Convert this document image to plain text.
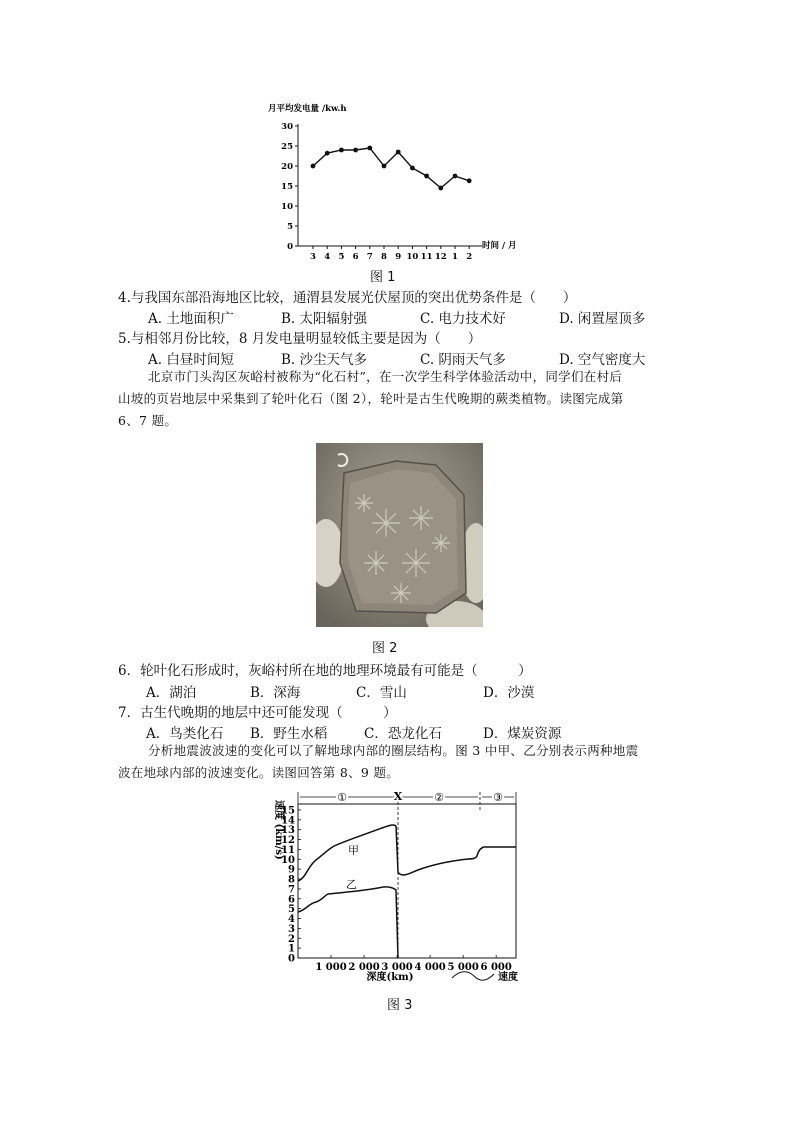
月平均发电量 /kw.h
0
5
10
15
20
25
30
3 4 5 6 7 8 9 10 11 12 1 2
时间 / 月
图 1
4.与我国东部沿海地区比较，通渭县发展光伏屋顶的突出优势条件是（　　）
A. 土地面积广	B. 太阳辐射强	C. 电力技术好	D. 闲置屋顶多
5.与相邻月份比较，8 月发电量明显较低主要是因为（　　）
A. 白昼时间短	B. 沙尘天气多	C. 阴雨天气多	D. 空气密度大
北京市门头沟区灰峪村被称为“化石村”，在一次学生科学体验活动中，同学们在村后
山坡的页岩地层中采集到了轮叶化石（图 2），轮叶是古生代晚期的蕨类植物。读图完成第
6、7 题。
图 2
6．轮叶化石形成时，灰峪村所在地的地理环境最有可能是（　　　）
A．湖泊	B．深海	C．雪山	D．沙漠
7．古生代晚期的地层中还可能发现（　　　）
A．鸟类化石 B．野生水稻	C．恐龙化石	D．煤炭资源
分析地震波波速的变化可以了解地球内部的圈层结构。图 3 中甲、乙分别表示两种地震
波在地球内部的波速变化。读图回答第 8、9 题。
速度 (km/s)
①	X	②	③
1
2
3
4
5
6
7
8
9
10
11
12
13
14
15
0
1 000 2 000 3 000 4 000 5 000 6 000
甲
乙
深度(km)	速度
图 3
